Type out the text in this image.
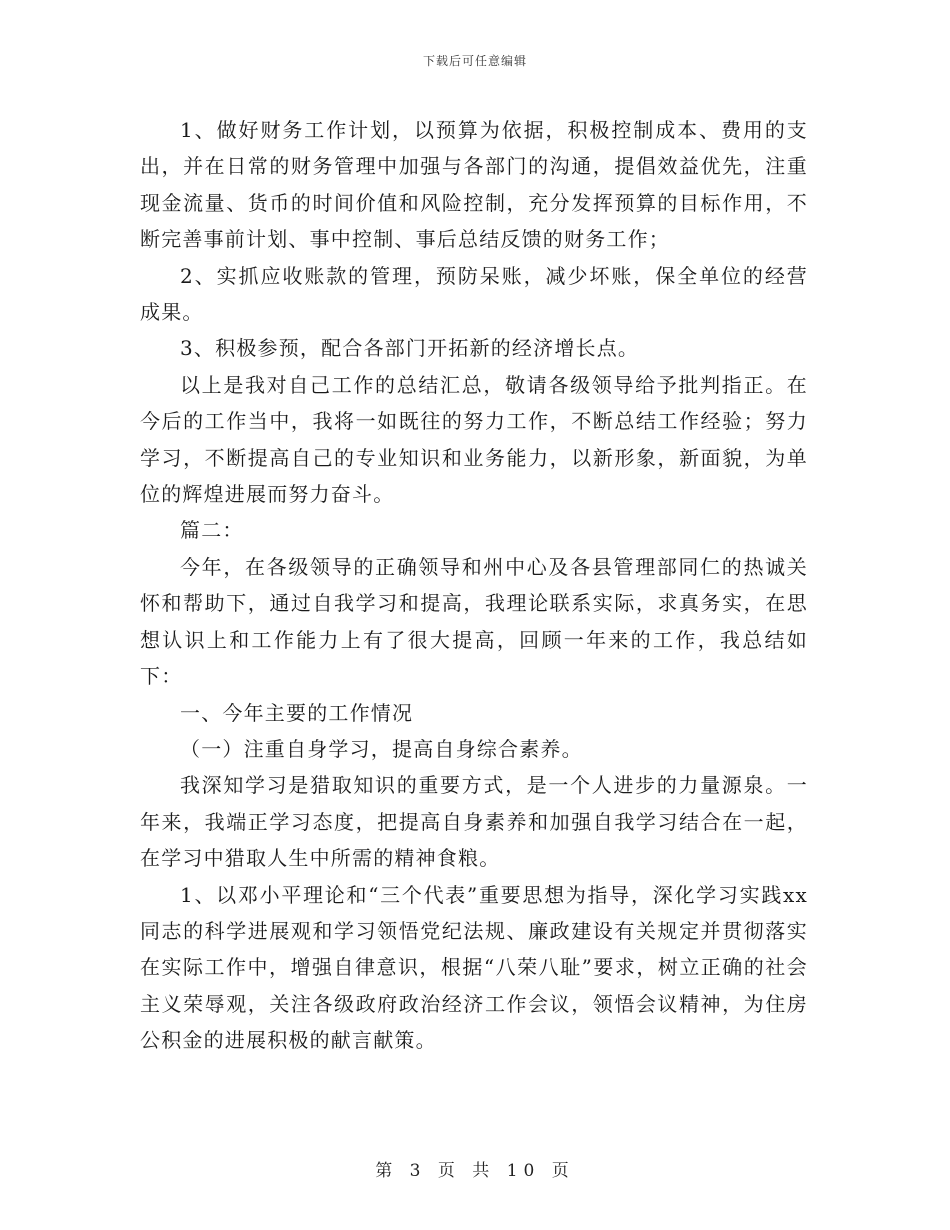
下载后可任意编辑

1、做好财务工作计划，以预算为依据，积极控制成本、费用的支出，并在日常的财务管理中加强与各部门的沟通，提倡效益优先，注重现金流量、货币的时间价值和风险控制，充分发挥预算的目标作用，不断完善事前计划、事中控制、事后总结反馈的财务工作；

2、实抓应收账款的管理，预防呆账，减少坏账，保全单位的经营成果。

3、积极参预，配合各部门开拓新的经济增长点。

以上是我对自己工作的总结汇总，敬请各级领导给予批判指正。在今后的工作当中，我将一如既往的努力工作，不断总结工作经验；努力学习，不断提高自己的专业知识和业务能力，以新形象，新面貌，为单位的辉煌进展而努力奋斗。

篇二：

今年，在各级领导的正确领导和州中心及各县管理部同仁的热诚关怀和帮助下，通过自我学习和提高，我理论联系实际，求真务实，在思想认识上和工作能力上有了很大提高，回顾一年来的工作，我总结如下：

一、今年主要的工作情况

（一）注重自身学习，提高自身综合素养。

我深知学习是猎取知识的重要方式，是一个人进步的力量源泉。一年来，我端正学习态度，把提高自身素养和加强自我学习结合在一起，在学习中猎取人生中所需的精神食粮。

1、以邓小平理论和“三个代表”重要思想为指导，深化学习实践xx同志的科学进展观和学习领悟党纪法规、廉政建设有关规定并贯彻落实在实际工作中，增强自律意识，根据“八荣八耻”要求，树立正确的社会主义荣辱观，关注各级政府政治经济工作会议，领悟会议精神，为住房公积金的进展积极的献言献策。

第 3 页 共 10 页
